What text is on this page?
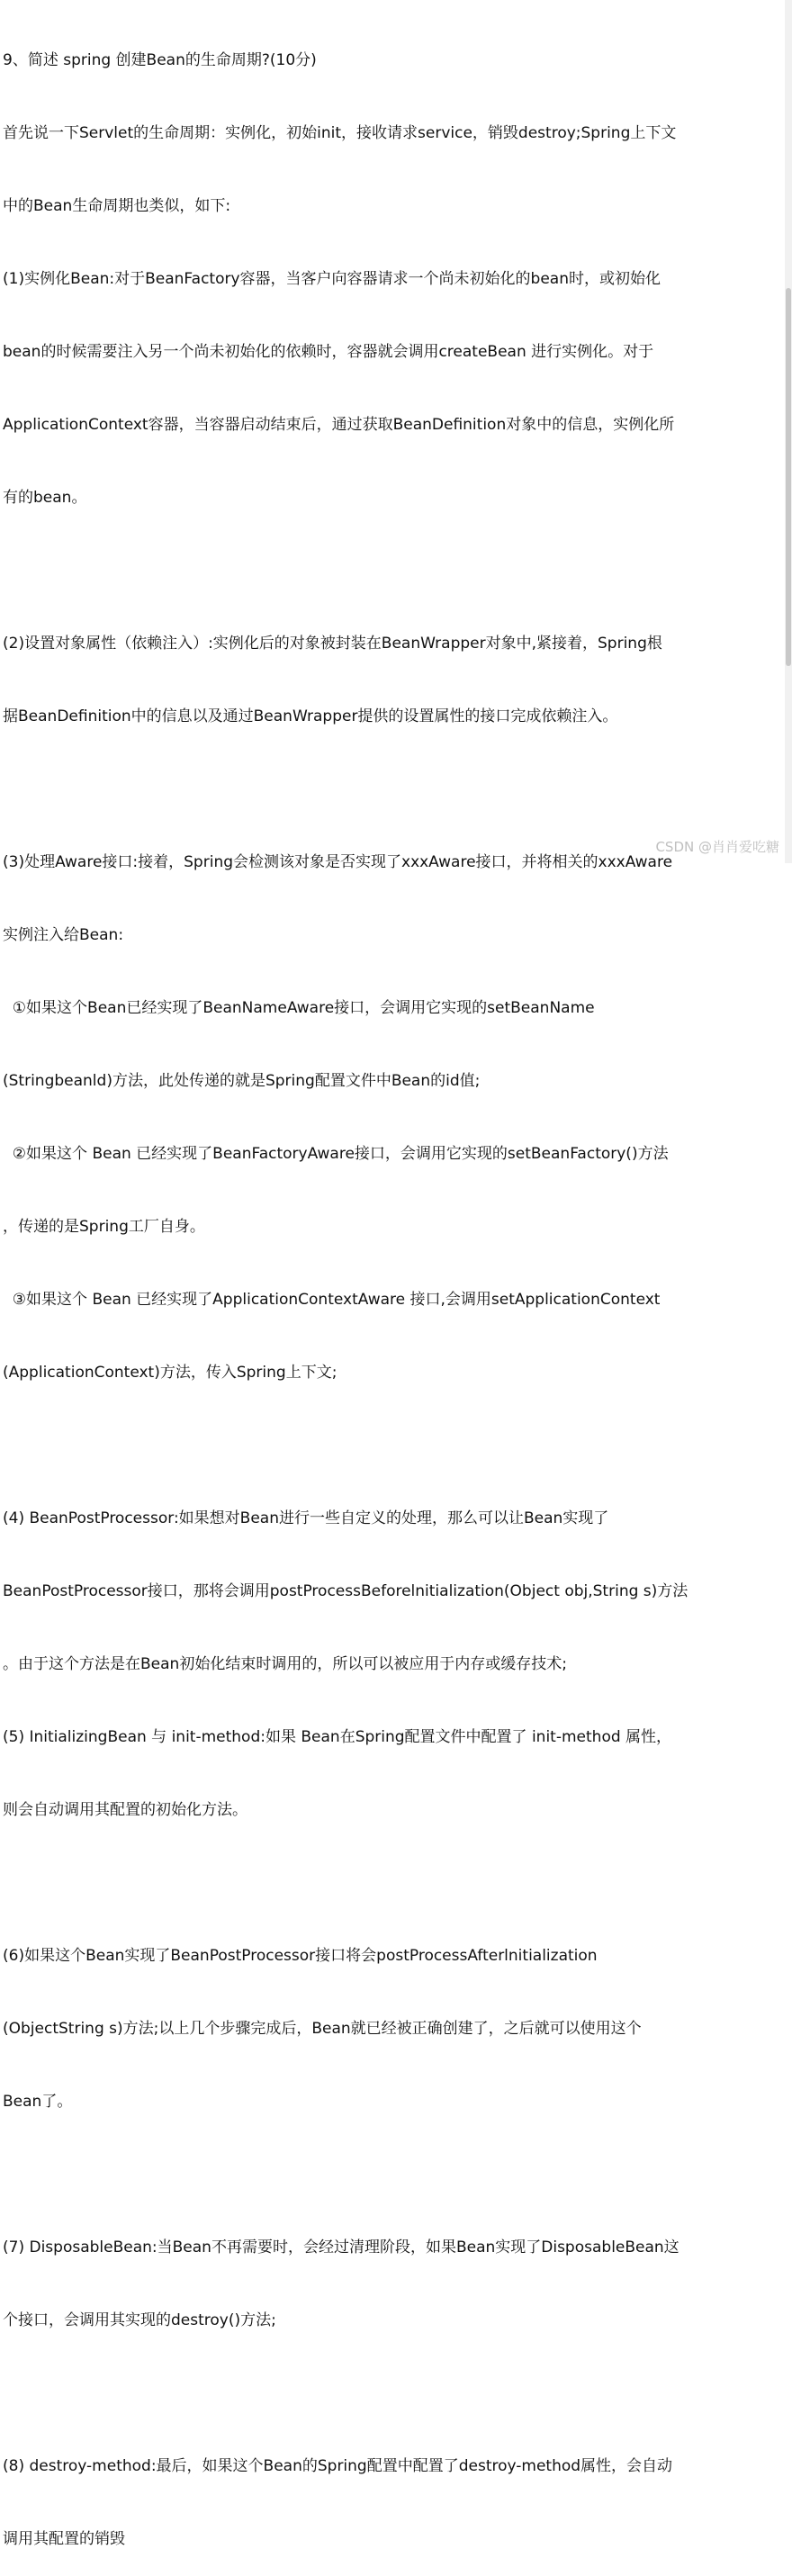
9、简述 spring 创建Bean的生命周期?(10分)

首先说一下Servlet的生命周期：实例化，初始init，接收请求service，销毁destroy;Spring上下文

中的Bean生命周期也类似，如下:

(1)实例化Bean:对于BeanFactory容器，当客户向容器请求一个尚未初始化的bean时，或初始化

bean的时候需要注入另一个尚未初始化的依赖时，容器就会调用createBean 进行实例化。对于

ApplicationContext容器，当容器启动结束后，通过获取BeanDefinition对象中的信息，实例化所

有的bean。

(2)设置对象属性（依赖注入）:实例化后的对象被封装在BeanWrapper对象中,紧接着，Spring根

据BeanDefinition中的信息以及通过BeanWrapper提供的设置属性的接口完成依赖注入。

(3)处理Aware接口:接着，Spring会检测该对象是否实现了xxxAware接口，并将相关的xxxAware

实例注入给Bean:

①如果这个Bean已经实现了BeanNameAware接口，会调用它实现的setBeanName

(Stringbeanld)方法，此处传递的就是Spring配置文件中Bean的id值;

②如果这个 Bean 已经实现了BeanFactoryAware接口，会调用它实现的setBeanFactory()方法

，传递的是Spring工厂自身。

③如果这个 Bean 已经实现了ApplicationContextAware 接口,会调用setApplicationContext

(ApplicationContext)方法，传入Spring上下文;

(4) BeanPostProcessor:如果想对Bean进行一些自定义的处理，那么可以让Bean实现了

BeanPostProcessor接口，那将会调用postProcessBeforelnitialization(Object obj,String s)方法

。由于这个方法是在Bean初始化结束时调用的，所以可以被应用于内存或缓存技术;

(5) InitializingBean 与 init-method:如果 Bean在Spring配置文件中配置了 init-method 属性，

则会自动调用其配置的初始化方法。

(6)如果这个Bean实现了BeanPostProcessor接口将会postProcessAfterlnitialization

(ObjectString s)方法;以上几个步骤完成后，Bean就已经被正确创建了，之后就可以使用这个

Bean了。

(7) DisposableBean:当Bean不再需要时，会经过清理阶段，如果Bean实现了DisposableBean这

个接口，会调用其实现的destroy()方法;

(8) destroy-method:最后，如果这个Bean的Spring配置中配置了destroy-method属性，会自动

调用其配置的销毁

CSDN @肖肖爱吃糖
